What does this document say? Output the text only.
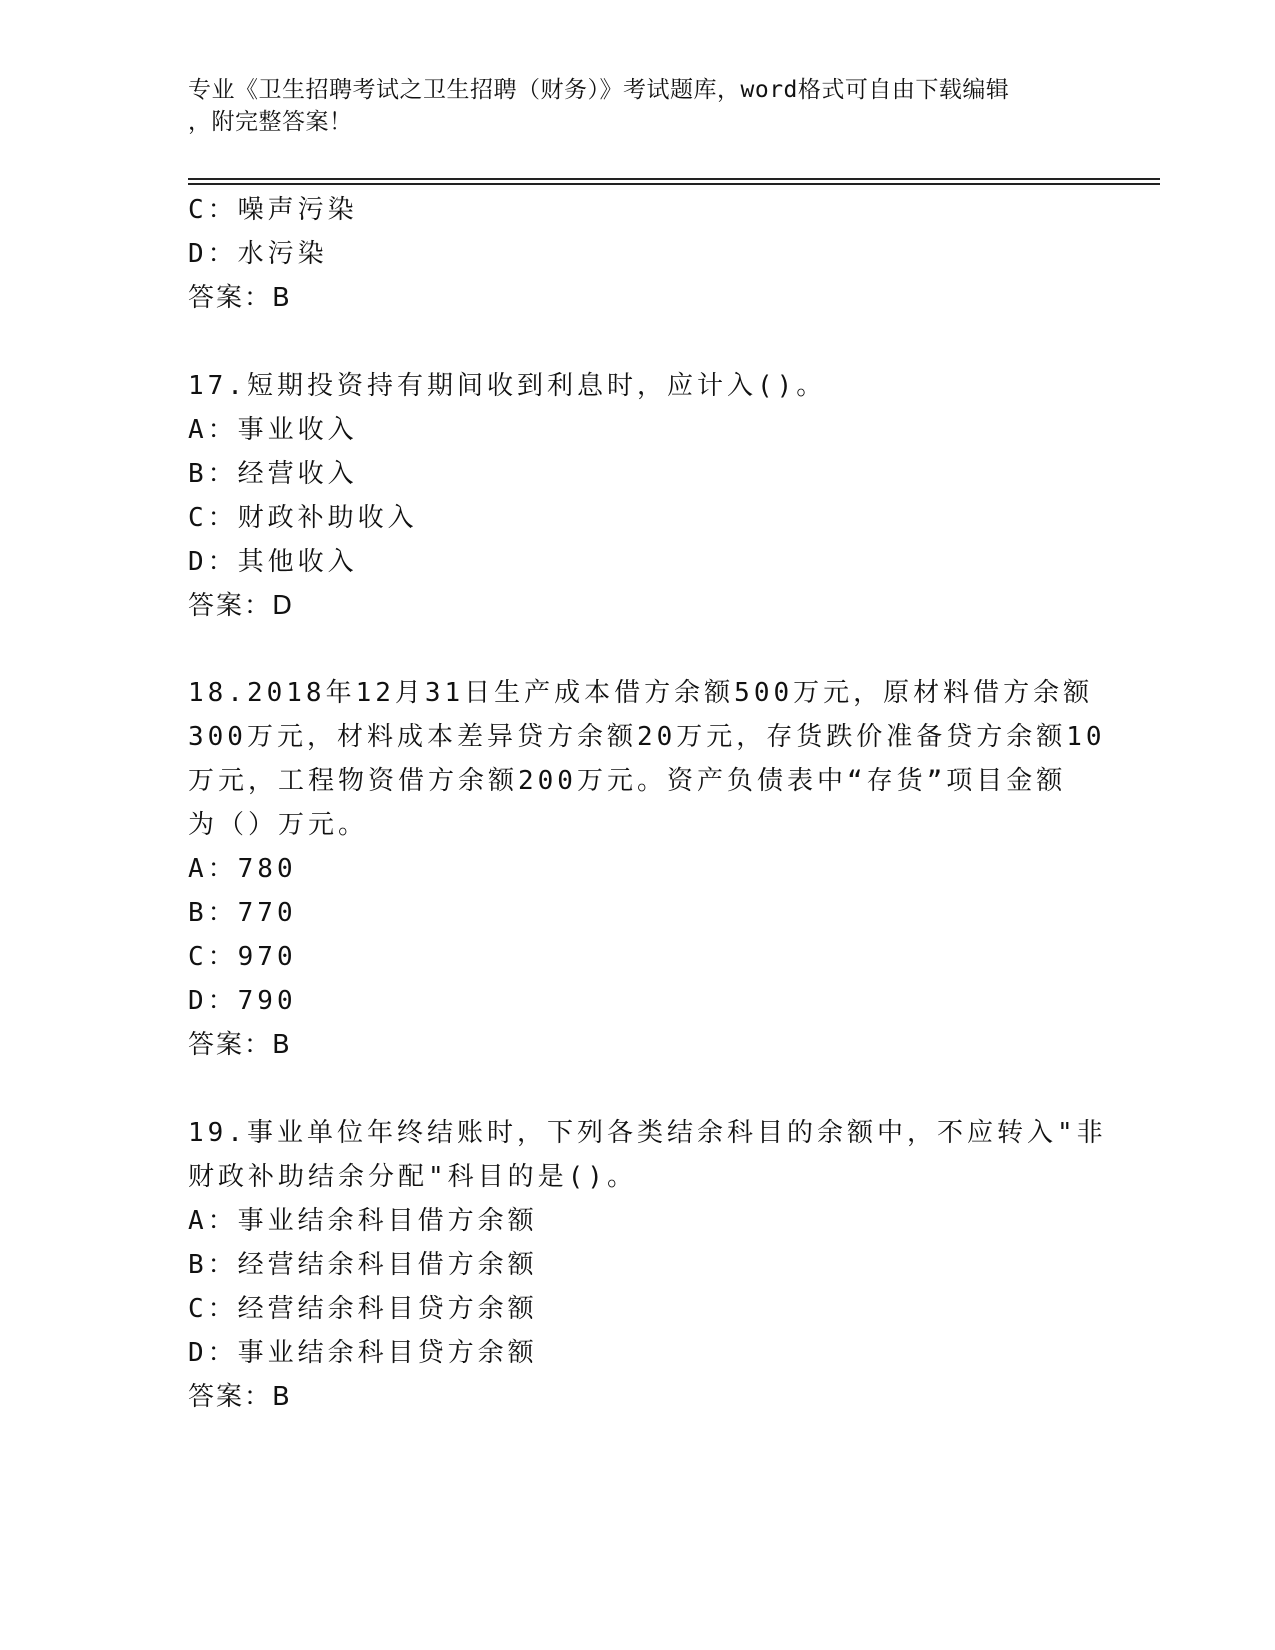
专业《卫生招聘考试之卫生招聘（财务）》考试题库，word格式可自由下载编辑
，附完整答案！
C：噪声污染
D：水污染
答案：B
17.短期投资持有期间收到利息时，应计入()。
A：事业收入
B：经营收入
C：财政补助收入
D：其他收入
答案：D
18.2018年12月31日生产成本借方余额500万元，原材料借方余额
300万元，材料成本差异贷方余额20万元，存货跌价准备贷方余额10
万元，工程物资借方余额200万元。资产负债表中“存货”项目金额
为（）万元。
A：780
B：770
C：970
D：790
答案：B
19.事业单位年终结账时，下列各类结余科目的余额中，不应转入"非
财政补助结余分配"科目的是()。
A：事业结余科目借方余额
B：经营结余科目借方余额
C：经营结余科目贷方余额
D：事业结余科目贷方余额
答案：B
